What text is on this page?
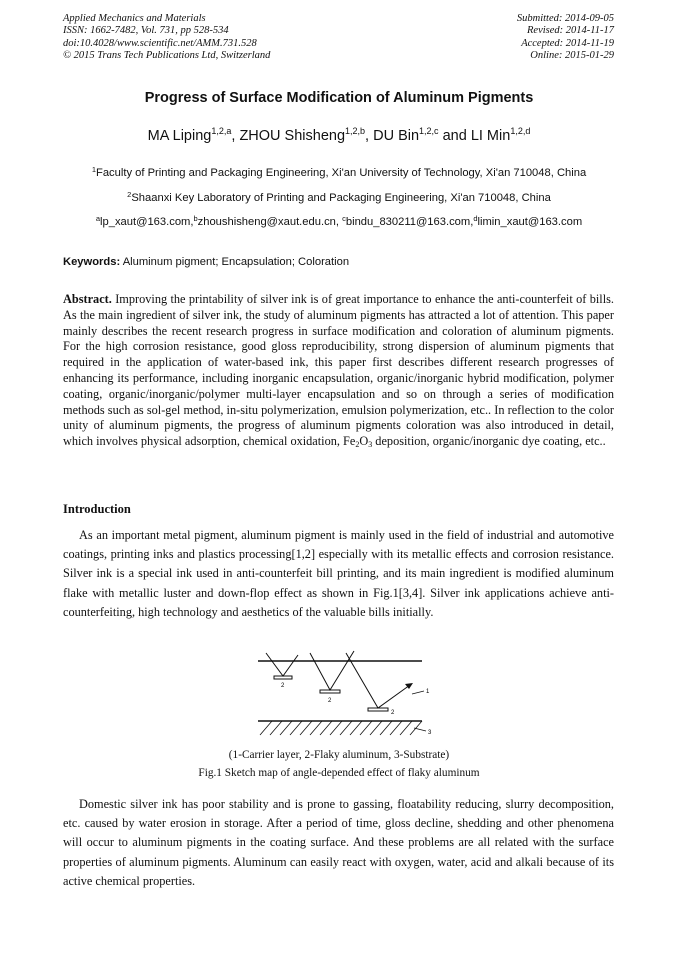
Applied Mechanics and Materials
ISSN: 1662-7482, Vol. 731, pp 528-534
doi:10.4028/www.scientific.net/AMM.731.528
© 2015 Trans Tech Publications Ltd, Switzerland
Submitted: 2014-09-05
Revised: 2014-11-17
Accepted: 2014-11-19
Online: 2015-01-29
Progress of Surface Modification of Aluminum Pigments
MA Liping$^{1,2,a}$, ZHOU Shisheng$^{1,2,b}$, DU Bin$^{1,2,c}$ and LI Min$^{1,2,d}$
$^1$Faculty of Printing and Packaging Engineering, Xi'an University of Technology, Xi'an 710048, China
$^2$Shaanxi Key Laboratory of Printing and Packaging Engineering, Xi'an 710048, China
$^a$lp_xaut@163.com,$^b$zhoushisheng@xaut.edu.cn, $^c$bindu_830211@163.com,$^d$limin_xaut@163.com
Keywords: Aluminum pigment; Encapsulation; Coloration
Abstract. Improving the printability of silver ink is of great importance to enhance the anti-counterfeit of bills. As the main ingredient of silver ink, the study of aluminum pigments has attracted a lot of attention. This paper mainly describes the recent research progress in surface modification and coloration of aluminum pigments. For the high corrosion resistance, good gloss reproducibility, strong dispersion of aluminum pigments that required in the application of water-based ink, this paper first describes different research progresses of enhancing its performance, including inorganic encapsulation, organic/inorganic hybrid modification, polymer coating, organic/inorganic/polymer multi-layer encapsulation and so on through a series of modification methods such as sol-gel method, in-situ polymerization, emulsion polymerization, etc.. In reflection to the color unity of aluminum pigments, the progress of aluminum pigments coloration was also introduced in detail, which involves physical adsorption, chemical oxidation, $Fe_2O_3$ deposition, organic/inorganic dye coating, etc..
Introduction
As an important metal pigment, aluminum pigment is mainly used in the field of industrial and automotive coatings, printing inks and plastics processing[1,2] especially with its metallic effects and corrosion resistance. Silver ink is a special ink used in anti-counterfeit bill printing, and its main ingredient is modified aluminum flake with metallic luster and down-flop effect as shown in Fig.1[3,4]. Silver ink applications achieve anti-counterfeiting, high technology and aesthetics of the valuable bills initially.
2
2
2
1
3
(1-Carrier layer, 2-Flaky aluminum, 3-Substrate)
Fig.1 Sketch map of angle-depended effect of flaky aluminum
Domestic silver ink has poor stability and is prone to gassing, floatability reducing, slurry decomposition, etc. caused by water erosion in storage. After a period of time, gloss decline, shedding and other phenomena will occur to aluminum pigments in the coating surface. And these problems are all related with the surface properties of aluminum pigments. Aluminum can easily react with oxygen, water, acid and alkali because of its active chemical properties.
